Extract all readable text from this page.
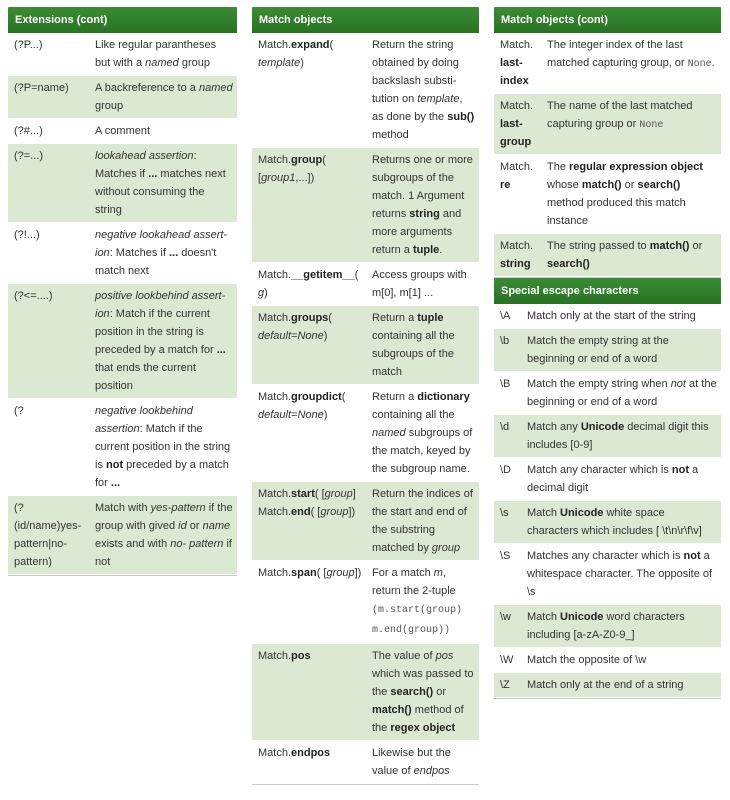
Extensions (cont)
(?P...)	Like regular parantheses but with a named group
(?P=name)	A backreference to a named group
(?#...)	A comment
(?=...)	lookahead assertion: Matches if ... matches next without consuming the string
(?!...)	negative lookahead assert- ion: Matches if ... doesn't match next
(?<=....)	positive lookbehind assert- ion: Match if the current position in the string is preceded by a match for ... that ends the current position
(?	negative lookbehind assertion: Match if the current position in the string is not preceded by a match for ...
(? (id/name)yes- pattern|no- pattern)	Match with yes-pattern if the group with gived id or name exists and with no- pattern if not
Match objects
Match.expand( template)	Return the string obtained by doing backslash substi- tution on template, as done by the sub() method
Match.group( [group1,...])	Returns one or more subgroups of the match. 1 Argument returns string and more arguments return a tuple.
Match.__getitem__( g)	Access groups with m[0], m[1] ...
Match.groups( default=None)	Return a tuple containing all the subgroups of the match
Match.groupdict( default=None)	Return a dictionary containing all the named subgroups of the match, keyed by the subgroup name.
Match.start( [group] Match.end( [group])	Return the indices of the start and end of the substring matched by group
Match.span( [group])	For a match m, return the 2-tuple (m.start(group) m.end(group))
Match.pos	The value of pos which was passed to the search() or match() method of the regex object
Match.endpos	Likewise but the value of endpos
Match objects (cont)
Match. last- index	The integer index of the last matched capturing group, or None.
Match. last- group	The name of the last matched capturing group or None
Match. re	The regular expression object whose match() or search() method produced this match instance
Match. string	The string passed to match() or search()
Special escape characters
\A	Match only at the start of the string
\b	Match the empty string at the beginning or end of a word
\B	Match the empty string when not at the beginning or end of a word
\d	Match any Unicode decimal digit this includes [0-9]
\D	Match any character which is not a decimal digit
\s	Match Unicode white space characters which includes [ \t\n\r\f\v]
\S	Matches any character which is not a whitespace character. The opposite of \s
\w	Match Unicode word characters including [a-zA-Z0-9_]
\W	Match the opposite of \w
\Z	Match only at the end of a string
